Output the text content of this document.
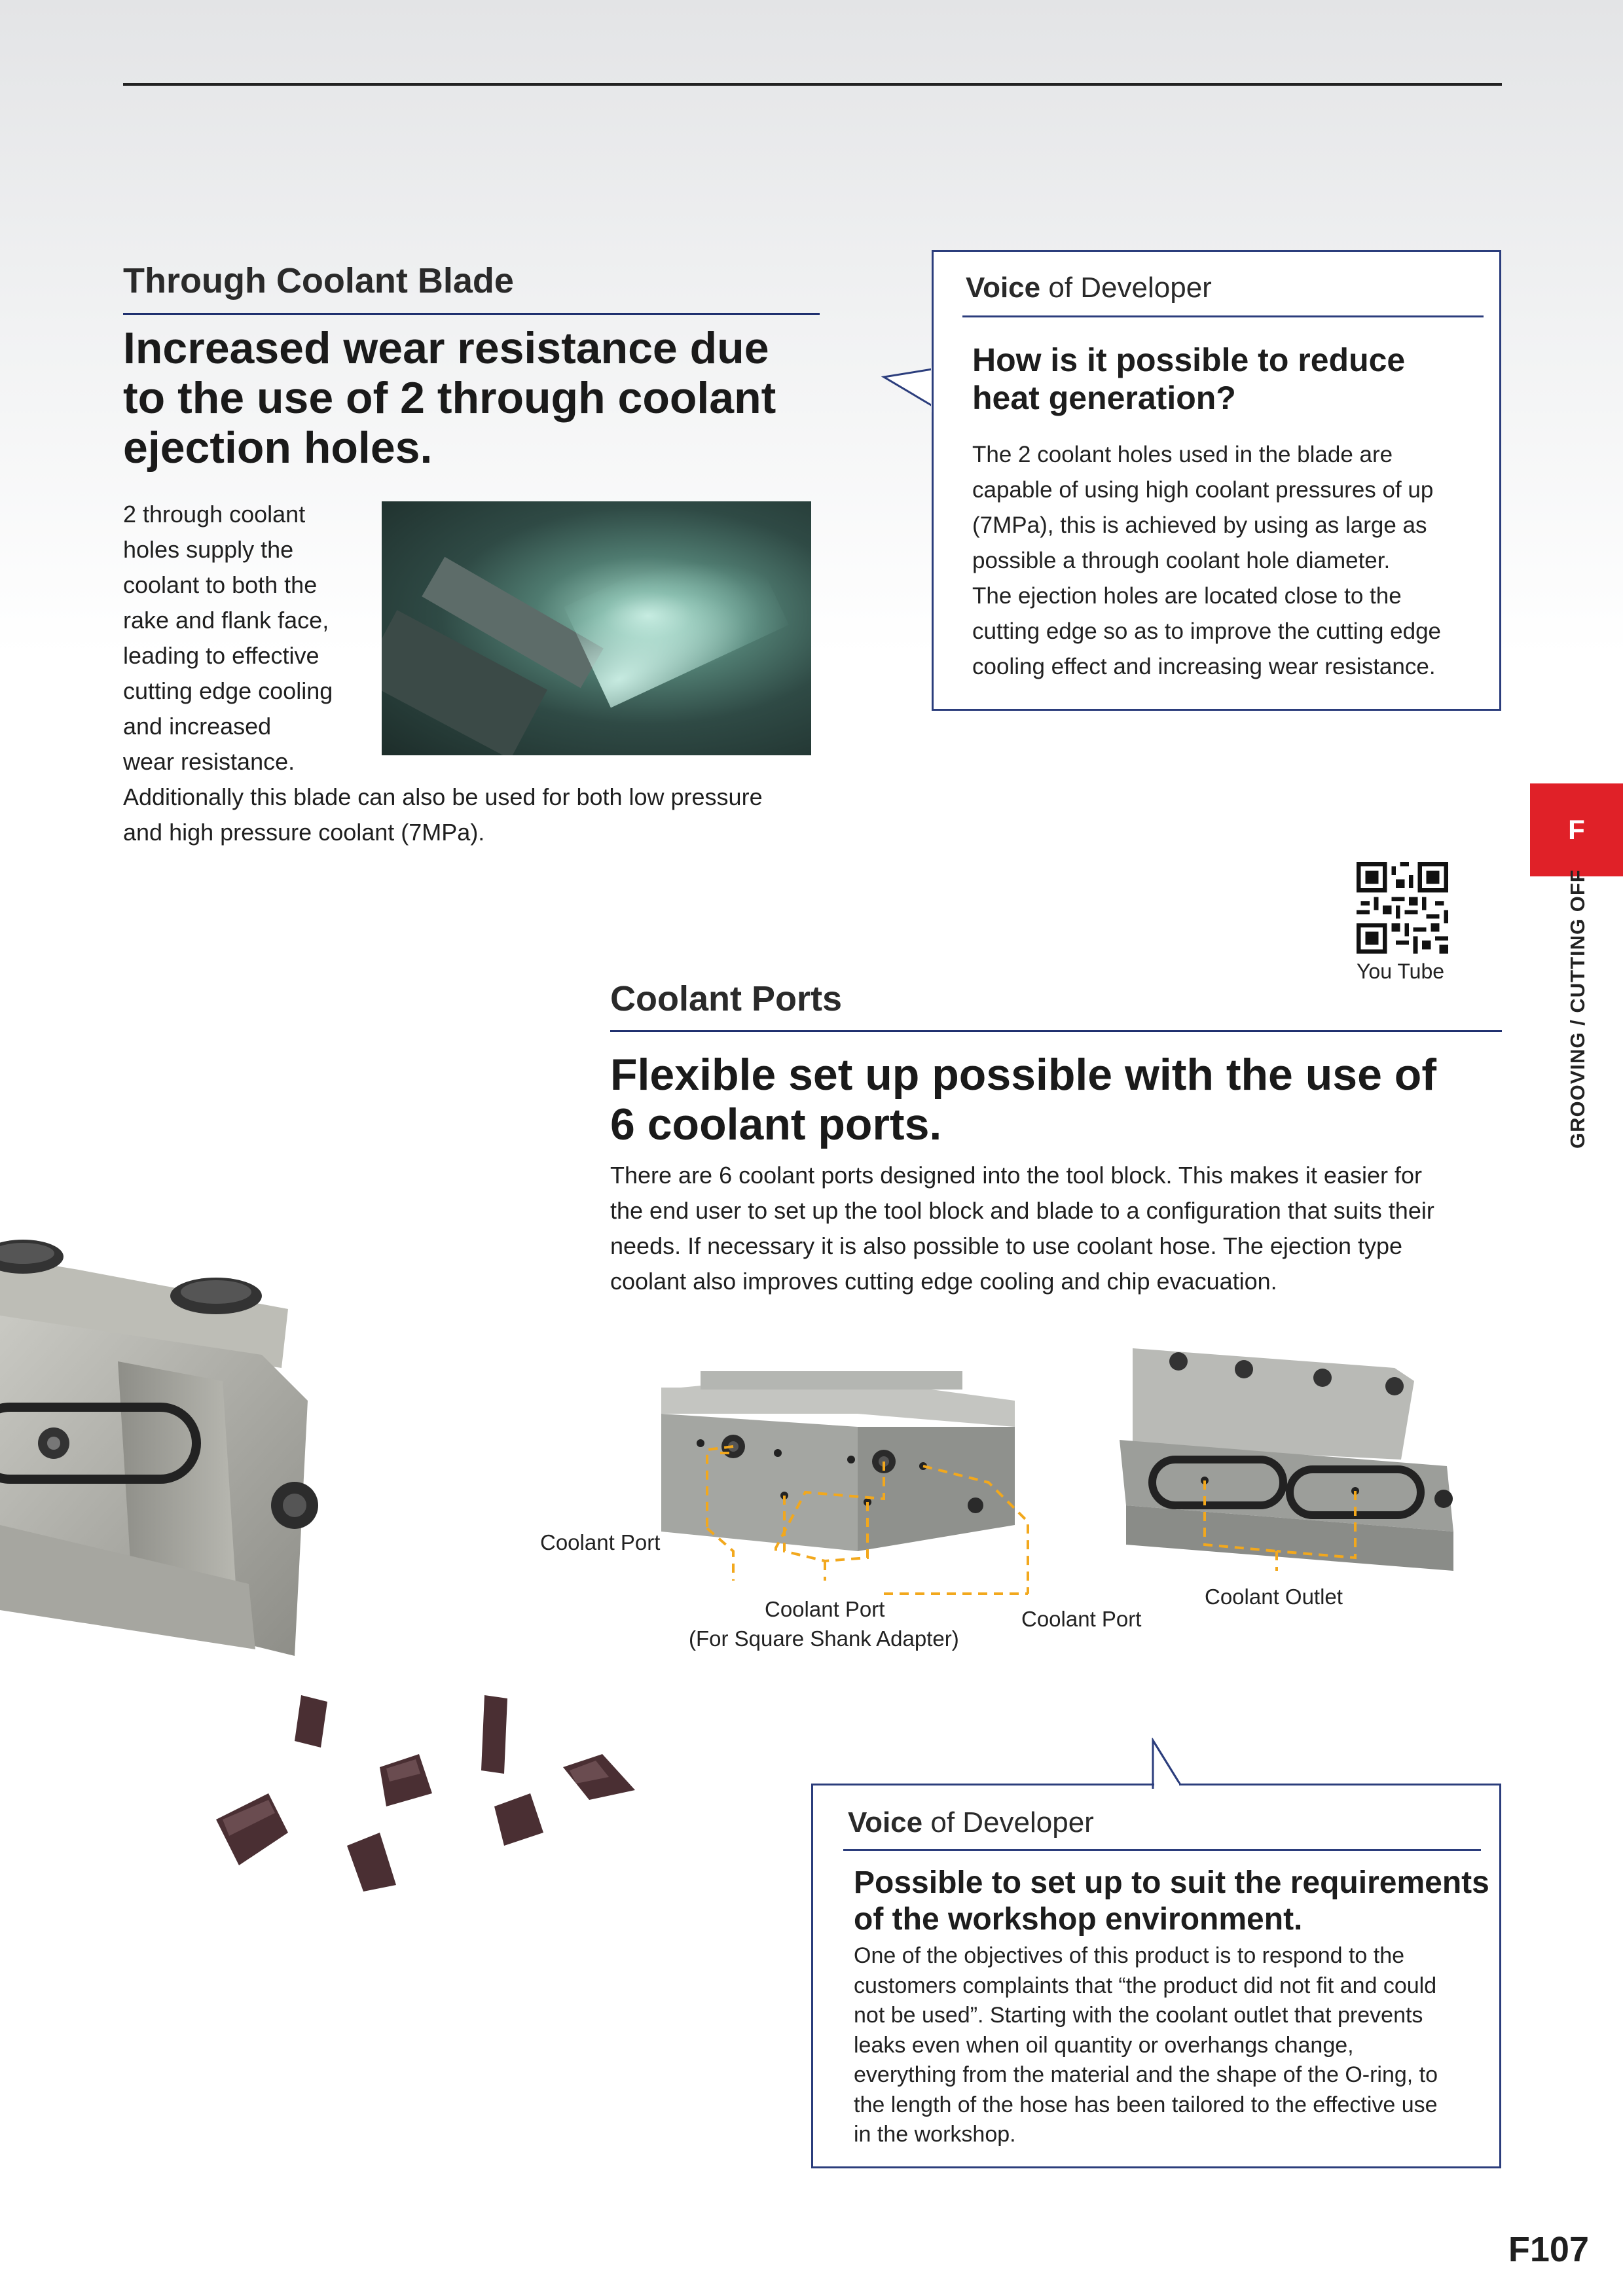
Through Coolant Blade
Increased wear resistance due
to the use of 2 through coolant
ejection holes.
2 through coolant
holes supply the
coolant to both the
rake and flank face,
leading to effective
cutting edge cooling
and increased
wear resistance.
Additionally this blade can also be used for both low pressure
and high pressure coolant (7MPa).
Voice of Developer
How is it possible to reduce
heat generation?
The 2 coolant holes used in the blade are
capable of using high coolant pressures of up
(7MPa), this is achieved by using as large as
possible a through coolant hole diameter.
The ejection holes are located close to the
cutting edge so as to improve the cutting edge
cooling effect and increasing wear resistance.
F
GROOVING / CUTTING OFF
You Tube
Coolant Ports
Flexible set up possible with the use of
6 coolant ports.
There are 6 coolant ports designed into the tool block. This makes it easier for
the end user to set up the tool block and blade to a configuration that suits their
needs. If necessary it is also possible to use coolant hose. The ejection type
coolant also improves cutting edge cooling and chip evacuation.
Coolant Port
Coolant Port
(For Square Shank Adapter)
Coolant Port
Coolant Outlet
Voice of Developer
Possible to set up to suit the requirements
of the workshop environment.
One of the objectives of this product is to respond to the
customers complaints that “the product did not fit and could
not be used”. Starting with the coolant outlet that prevents
leaks even when oil quantity or overhangs change,
everything from the material and the shape of the O-ring, to
the length of the hose has been tailored to the effective use
in the workshop.
F107
